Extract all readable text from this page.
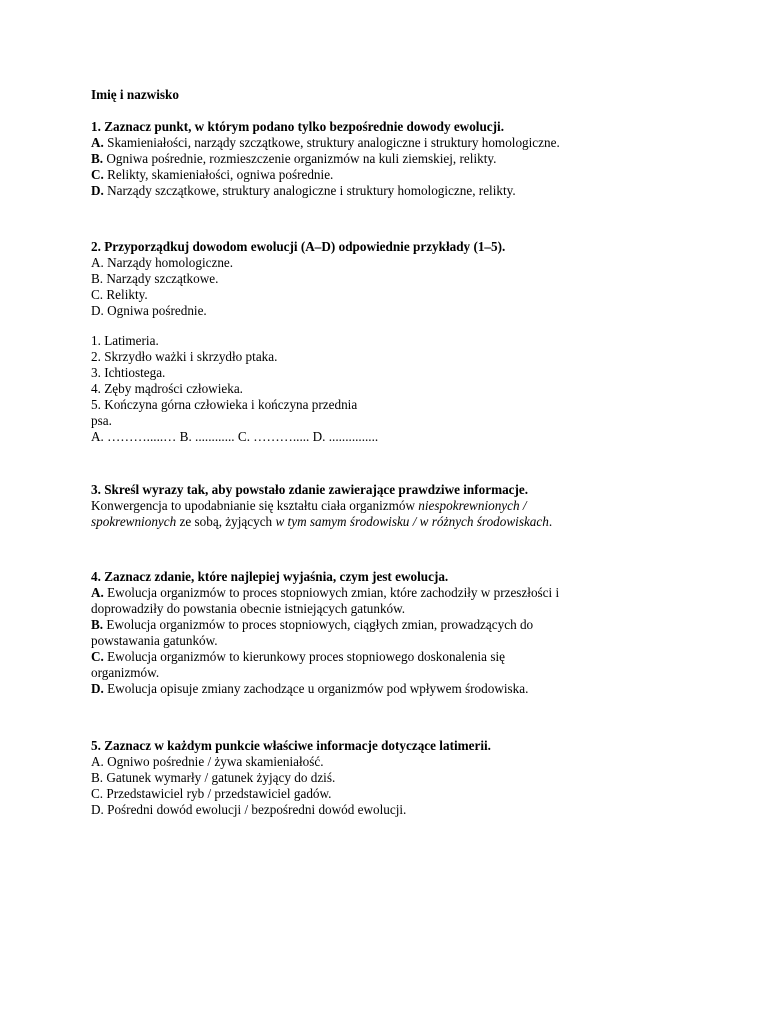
Imię i nazwisko
1. Zaznacz punkt, w którym podano tylko bezpośrednie dowody ewolucji.
A. Skamieniałości, narządy szczątkowe, struktury analogiczne i struktury homologiczne.
B. Ogniwa pośrednie, rozmieszczenie organizmów na kuli ziemskiej, relikty.
C. Relikty, skamieniałości, ogniwa pośrednie.
D. Narządy szczątkowe, struktury analogiczne i struktury homologiczne, relikty.
2. Przyporządkuj dowodom ewolucji (A–D) odpowiednie przykłady (1–5).
A. Narządy homologiczne.
B. Narządy szczątkowe.
C. Relikty.
D. Ogniwa pośrednie.
1. Latimeria.
2. Skrzydło ważki i skrzydło ptaka.
3. Ichtiostega.
4. Zęby mądrości człowieka.
5. Kończyna górna człowieka i kończyna przednia
psa.
A. ……….....… B. ............ C. ………..... D. ...............
3. Skreśl wyrazy tak, aby powstało zdanie zawierające prawdziwe informacje.
Konwergencja to upodabnianie się kształtu ciała organizmów niespokrewnionych /
spokrewnionych ze sobą, żyjących w tym samym środowisku / w różnych środowiskach.
4. Zaznacz zdanie, które najlepiej wyjaśnia, czym jest ewolucja.
A. Ewolucja organizmów to proces stopniowych zmian, które zachodziły w przeszłości i
doprowadziły do powstania obecnie istniejących gatunków.
B. Ewolucja organizmów to proces stopniowych, ciągłych zmian, prowadzących do
powstawania gatunków.
C. Ewolucja organizmów to kierunkowy proces stopniowego doskonalenia się
organizmów.
D. Ewolucja opisuje zmiany zachodzące u organizmów pod wpływem środowiska.
5. Zaznacz w każdym punkcie właściwe informacje dotyczące latimerii.
A. Ogniwo pośrednie / żywa skamieniałość.
B. Gatunek wymarły / gatunek żyjący do dziś.
C. Przedstawiciel ryb / przedstawiciel gadów.
D. Pośredni dowód ewolucji / bezpośredni dowód ewolucji.
